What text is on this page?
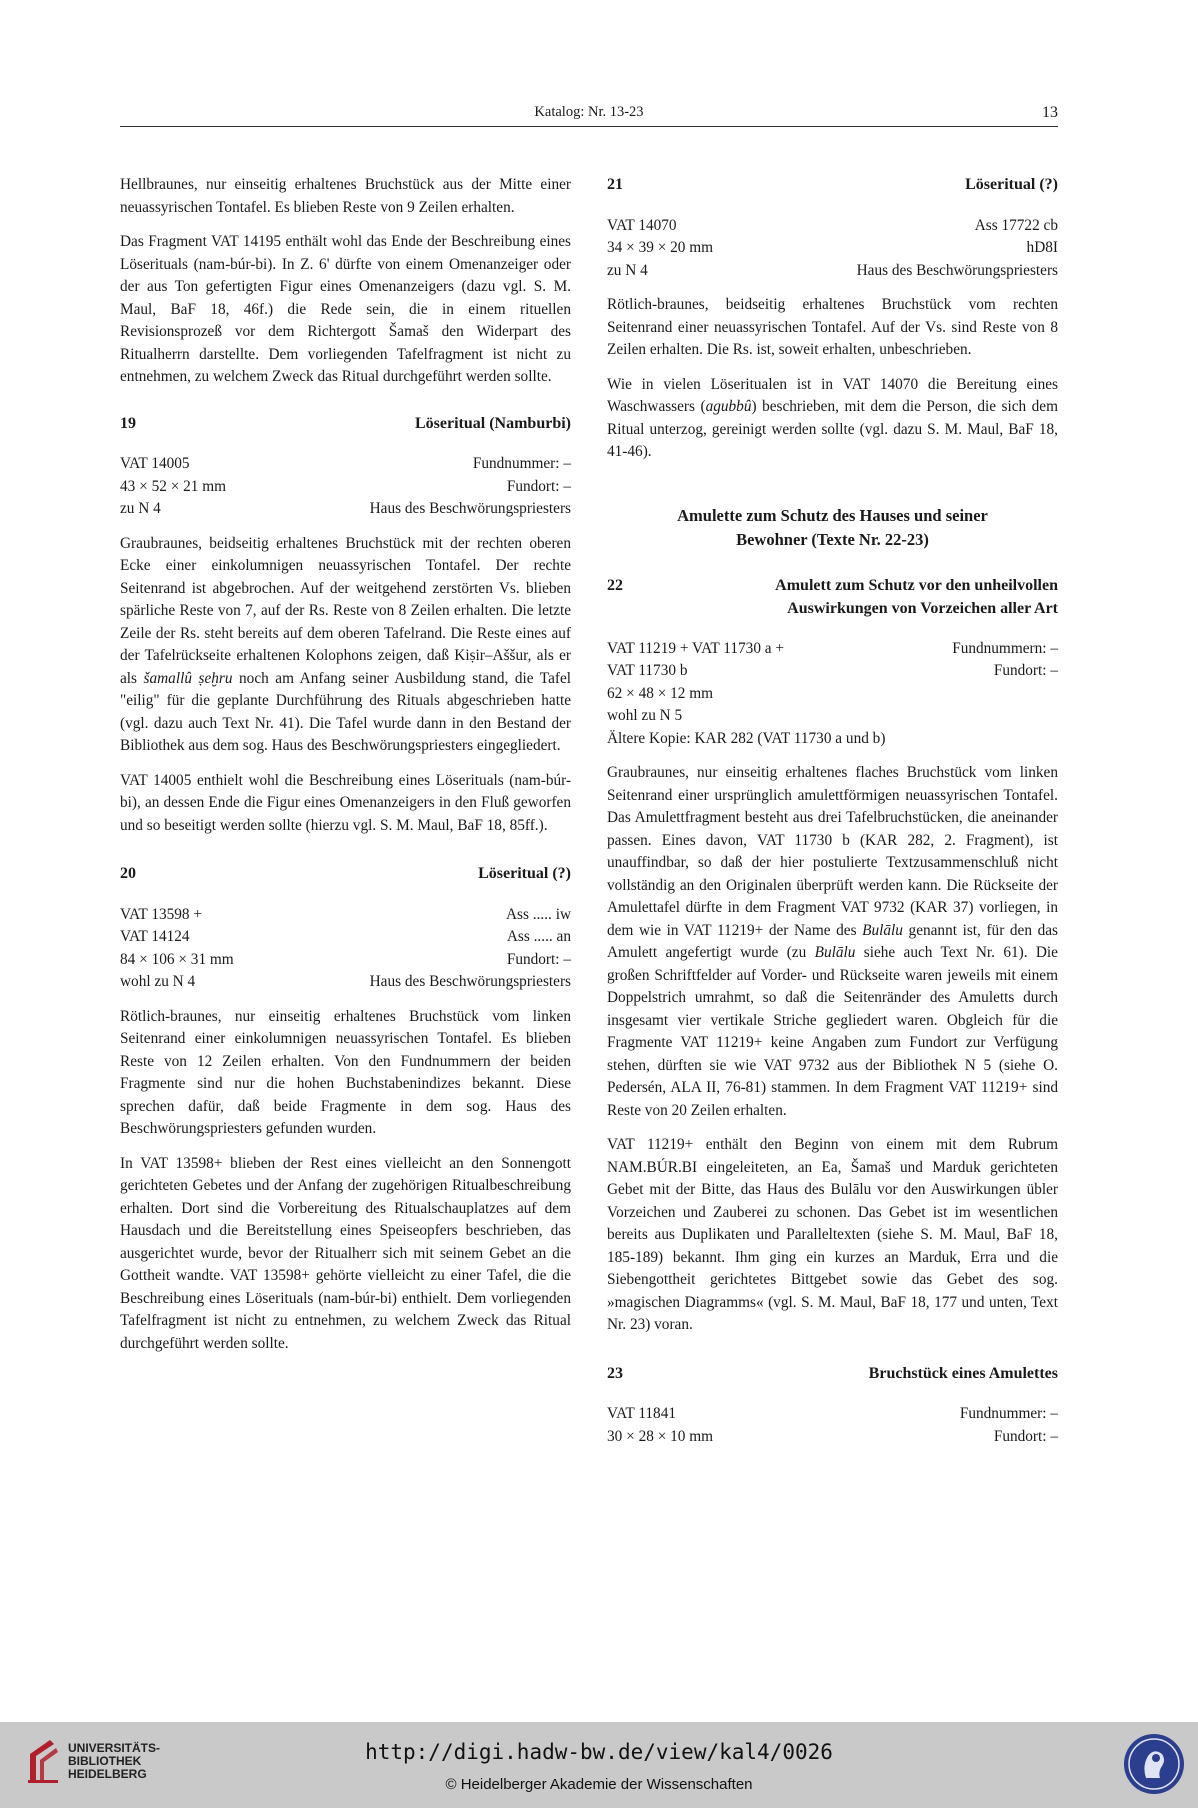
Katalog: Nr. 13-23	13

Hellbraunes, nur einseitig erhaltenes Bruchstück aus der Mitte einer neuassyrischen Tontafel. Es blieben Reste von 9 Zeilen erhalten.

Das Fragment VAT 14195 enthält wohl das Ende der Beschreibung eines Löserituals (nam-búr-bi). In Z. 6' dürfte von einem Omenanzeiger oder der aus Ton gefertigten Figur eines Omenanzeigers (dazu vgl. S. M. Maul, BaF 18, 46f.) die Rede sein, die in einem rituellen Revisionsprozeß vor dem Richtergott Šamaš den Widerpart des Ritualherrn darstellte. Dem vorliegenden Tafelfragment ist nicht zu entnehmen, zu welchem Zweck das Ritual durchgeführt werden sollte.

19	Löseritual (Namburbi)
VAT 14005	Fundnummer: –
43 × 52 × 21 mm	Fundort: –
zu N 4	Haus des Beschwörungspriesters

Graubraunes, beidseitig erhaltenes Bruchstück mit der rechten oberen Ecke einer einkolumnigen neuassyrischen Tontafel. Der rechte Seitenrand ist abgebrochen. Auf der weitgehend zerstörten Vs. blieben spärliche Reste von 7, auf der Rs. Reste von 8 Zeilen erhalten. Die letzte Zeile der Rs. steht bereits auf dem oberen Tafelrand. Die Reste eines auf der Tafelrückseite erhaltenen Kolophons zeigen, daß Kiṣir–Aššur, als er als šamallû ṣeḫru noch am Anfang seiner Ausbildung stand, die Tafel "eilig" für die geplante Durchführung des Rituals abgeschrieben hatte (vgl. dazu auch Text Nr. 41). Die Tafel wurde dann in den Bestand der Bibliothek aus dem sog. Haus des Beschwörungspriesters eingegliedert.

VAT 14005 enthielt wohl die Beschreibung eines Löserituals (nam-búr-bi), an dessen Ende die Figur eines Omenanzeigers in den Fluß geworfen und so beseitigt werden sollte (hierzu vgl. S. M. Maul, BaF 18, 85ff.).

20	Löseritual (?)
VAT 13598 +	Ass ..... iw
VAT 14124	Ass ..... an
84 × 106 × 31 mm	Fundort: –
wohl zu N 4	Haus des Beschwörungspriesters

Rötlich-braunes, nur einseitig erhaltenes Bruchstück vom linken Seitenrand einer einkolumnigen neuassyrischen Tontafel. Es blieben Reste von 12 Zeilen erhalten. Von den Fundnummern der beiden Fragmente sind nur die hohen Buchstabenindizes bekannt. Diese sprechen dafür, daß beide Fragmente in dem sog. Haus des Beschwörungspriesters gefunden wurden.

In VAT 13598+ blieben der Rest eines vielleicht an den Sonnengott gerichteten Gebetes und der Anfang der zugehörigen Ritualbeschreibung erhalten. Dort sind die Vorbereitung des Ritualschauplatzes auf dem Hausdach und die Bereitstellung eines Speiseopfers beschrieben, das ausgerichtet wurde, bevor der Ritualherr sich mit seinem Gebet an die Gottheit wandte. VAT 13598+ gehörte vielleicht zu einer Tafel, die die Beschreibung eines Löserituals (nam-búr-bi) enthielt. Dem vorliegenden Tafelfragment ist nicht zu entnehmen, zu welchem Zweck das Ritual durchgeführt werden sollte.

21	Löseritual (?)
VAT 14070	Ass 17722 cb
34 × 39 × 20 mm	hD8I
zu N 4	Haus des Beschwörungspriesters

Rötlich-braunes, beidseitig erhaltenes Bruchstück vom rechten Seitenrand einer neuassyrischen Tontafel. Auf der Vs. sind Reste von 8 Zeilen erhalten. Die Rs. ist, soweit erhalten, unbeschrieben.

Wie in vielen Löseritualen ist in VAT 14070 die Bereitung eines Waschwassers (agubbû) beschrieben, mit dem die Person, die sich dem Ritual unterzog, gereinigt werden sollte (vgl. dazu S. M. Maul, BaF 18, 41-46).

Amulette zum Schutz des Hauses und seiner
Bewohner (Texte Nr. 22-23)
22	Amulett zum Schutz vor den unheilvollen Auswirkungen von Vorzeichen aller Art
VAT 11219 + VAT 11730 a +	Fundnummern: –
VAT 11730 b	Fundort: –
62 × 48 × 12 mm
wohl zu N 5
Ältere Kopie: KAR 282 (VAT 11730 a und b)

Graubraunes, nur einseitig erhaltenes flaches Bruchstück vom linken Seitenrand einer ursprünglich amulettförmigen neuassyrischen Tontafel. Das Amulettfragment besteht aus drei Tafelbruchstücken, die aneinander passen. Eines davon, VAT 11730 b (KAR 282, 2. Fragment), ist unauffindbar, so daß der hier postulierte Textzusammenschluß nicht vollständig an den Originalen überprüft werden kann. Die Rückseite der Amulettafel dürfte in dem Fragment VAT 9732 (KAR 37) vorliegen, in dem wie in VAT 11219+ der Name des Bulālu genannt ist, für den das Amulett angefertigt wurde (zu Bulālu siehe auch Text Nr. 61). Die großen Schriftfelder auf Vorder- und Rückseite waren jeweils mit einem Doppelstrich umrahmt, so daß die Seitenränder des Amuletts durch insgesamt vier vertikale Striche gegliedert waren. Obgleich für die Fragmente VAT 11219+ keine Angaben zum Fundort zur Verfügung stehen, dürften sie wie VAT 9732 aus der Bibliothek N 5 (siehe O. Pedersén, ALA II, 76-81) stammen. In dem Fragment VAT 11219+ sind Reste von 20 Zeilen erhalten.

VAT 11219+ enthält den Beginn von einem mit dem Rubrum NAM.BÚR.BI eingeleiteten, an Ea, Šamaš und Marduk gerichteten Gebet mit der Bitte, das Haus des Bulālu vor den Auswirkungen übler Vorzeichen und Zauberei zu schonen. Das Gebet ist im wesentlichen bereits aus Duplikaten und Paralleltexten (siehe S. M. Maul, BaF 18, 185-189) bekannt. Ihm ging ein kurzes an Marduk, Erra und die Siebengottheit gerichtetes Bittgebet sowie das Gebet des sog. »magischen Diagramms« (vgl. S. M. Maul, BaF 18, 177 und unten, Text Nr. 23) voran.

23	Bruchstück eines Amulettes
VAT 11841	Fundnummer: –
30 × 28 × 10 mm	Fundort: –
UNIVERSITÄTS-
BIBLIOTHEK
HEIDELBERG
http://digi.hadw-bw.de/view/kal4/0026
© Heidelberger Akademie der Wissenschaften
